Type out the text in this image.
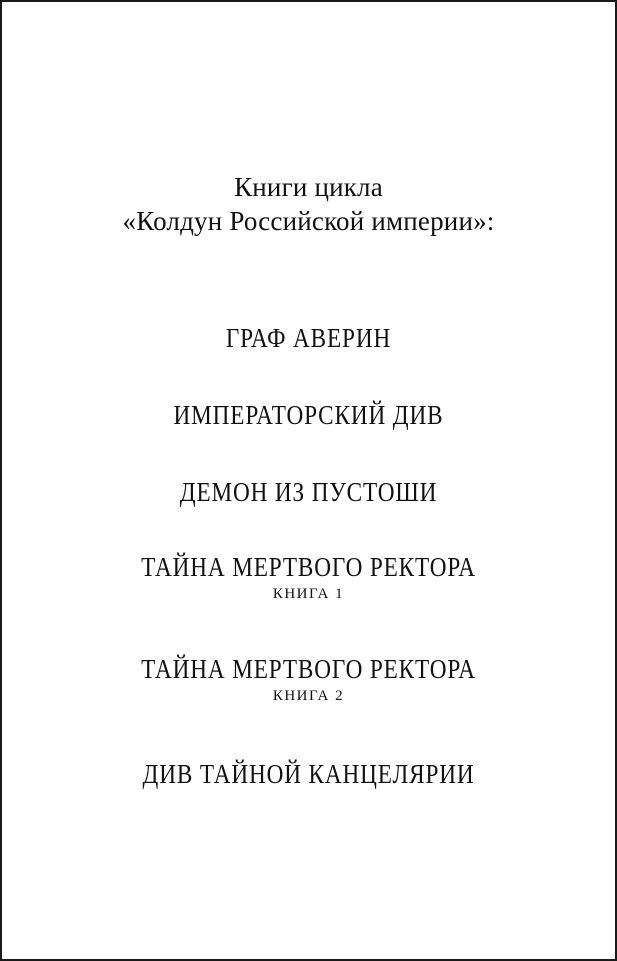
Книги цикла
«Колдун Российской империи»:
ГРАФ АВЕРИН
ИМПЕРАТОРСКИЙ ДИВ
ДЕМОН ИЗ ПУСТОШИ
ТАЙНА МЕРТВОГО РЕКТОРА
КНИГА 1
ТАЙНА МЕРТВОГО РЕКТОРА
КНИГА 2
ДИВ ТАЙНОЙ КАНЦЕЛЯРИИ
